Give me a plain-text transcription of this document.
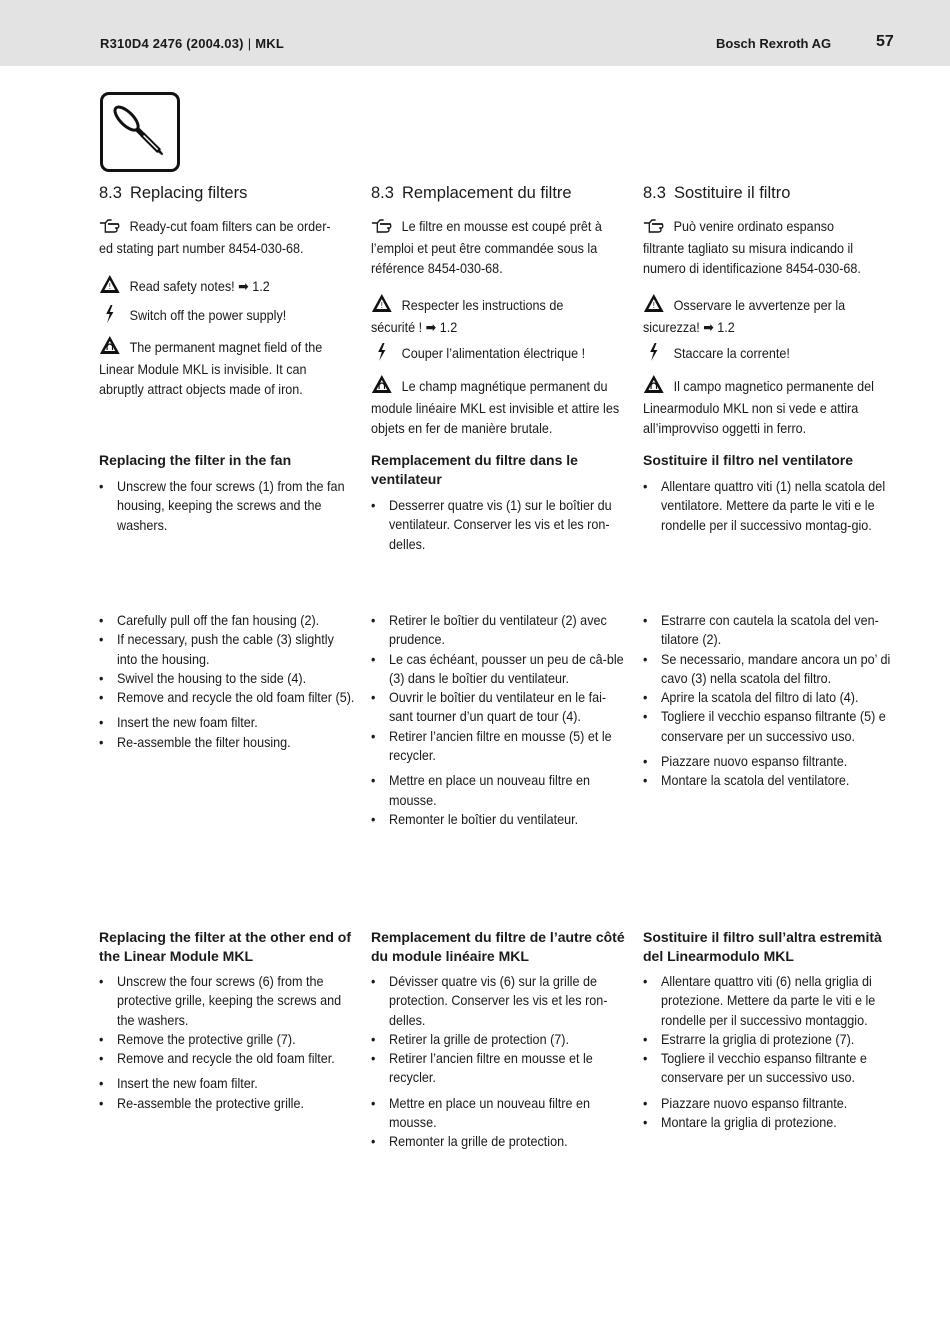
R310D4 2476 (2004.03) | MKL	Bosch Rexroth AG	57
8.3 Replacing filters
Ready-cut foam filters can be order-ed stating part number 8454-030-68.
! Read safety notes! ➡ 1.2
Switch off the power supply!
The permanent magnet field of the Linear Module MKL is invisible. It can abruptly attract objects made of iron.
Replacing the filter in the fan
• Unscrew the four screws (1) from the fan housing, keeping the screws and the washers.
• Carefully pull off the fan housing (2).
• If necessary, push the cable (3) slightly into the housing.
• Swivel the housing to the side (4).
• Remove and recycle the old foam filter (5).
• Insert the new foam filter.
• Re-assemble the filter housing.
Replacing the filter at the other end of the Linear Module MKL
• Unscrew the four screws (6) from the protective grille, keeping the screws and the washers.
• Remove the protective grille (7).
• Remove and recycle the old foam filter.
• Insert the new foam filter.
• Re-assemble the protective grille.
8.3 Remplacement du filtre
Le filtre en mousse est coupé prêt à l’emploi et peut être commandée sous la référence 8454-030-68.
! Respecter les instructions de sécurité ! ➡ 1.2
Couper l’alimentation électrique !
Le champ magnétique permanent du module linéaire MKL est invisible et attire les objets en fer de manière brutale.
Remplacement du filtre dans le ventilateur
• Desserrer quatre vis (1) sur le boîtier du ventilateur. Conserver les vis et les ron-delles.
• Retirer le boîtier du ventilateur (2) avec prudence.
• Le cas échéant, pousser un peu de câ-ble (3) dans le boîtier du ventilateur.
• Ouvrir le boîtier du ventilateur en le fai-sant tourner d’un quart de tour (4).
• Retirer l’ancien filtre en mousse (5) et le recycler.
• Mettre en place un nouveau filtre en mousse.
• Remonter le boîtier du ventilateur.
Remplacement du filtre de l’autre côté du module linéaire MKL
• Dévisser quatre vis (6) sur la grille de protection. Conserver les vis et les ron-delles.
• Retirer la grille de protection (7).
• Retirer l’ancien filtre en mousse et le recycler.
• Mettre en place un nouveau filtre en mousse.
• Remonter la grille de protection.
8.3 Sostituire il filtro
Può venire ordinato espanso filtrante tagliato su misura indicando il numero di identificazione 8454-030-68.
! Osservare le avvertenze per la sicurezza! ➡ 1.2
Staccare la corrente!
Il campo magnetico permanente del Linearmodulo MKL non si vede e attira all’improvviso oggetti in ferro.
Sostituire il filtro nel ventilatore
• Allentare quattro viti (1) nella scatola del ventilatore. Mettere da parte le viti e le rondelle per il successivo montag-gio.
• Estrarre con cautela la scatola del ven-tilatore (2).
• Se necessario, mandare ancora un po’ di cavo (3) nella scatola del filtro.
• Aprire la scatola del filtro di lato (4).
• Togliere il vecchio espanso filtrante (5) e conservare per un successivo uso.
• Piazzare nuovo espanso filtrante.
• Montare la scatola del ventilatore.
Sostituire il filtro sull’altra estremità del Linearmodulo MKL
• Allentare quattro viti (6) nella griglia di protezione. Mettere da parte le viti e le rondelle per il successivo montaggio.
• Estrarre la griglia di protezione (7).
• Togliere il vecchio espanso filtrante e conservare per un successivo uso.
• Piazzare nuovo espanso filtrante.
• Montare la griglia di protezione.
